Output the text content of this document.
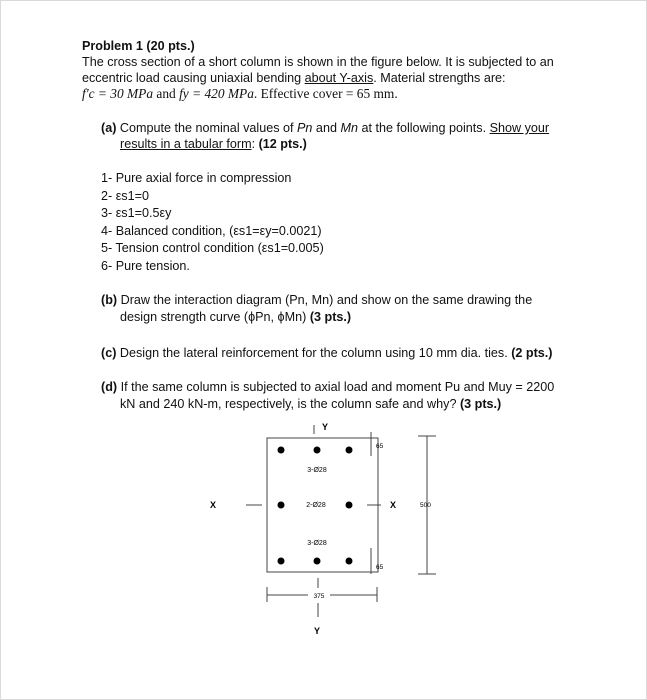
Problem 1 (20 pts.)
The cross section of a short column is shown in the figure below. It is subjected to an
eccentric load causing uniaxial bending about Y-axis. Material strengths are:
f'c = 30 MPa and fy = 420 MPa. Effective cover = 65 mm.
(a) Compute the nominal values of Pn and Mn at the following points. Show your
results in a tabular form: (12 pts.)
1- Pure axial force in compression
2- εs1=0
3- εs1=0.5εy
4- Balanced condition, (εs1=εy=0.0021)
5- Tension control condition (εs1=0.005)
6- Pure tension.
(b) Draw the interaction diagram (Pn, Mn) and show on the same drawing the
design strength curve (ϕPn, ϕMn) (3 pts.)
(c) Design the lateral reinforcement for the column using 10 mm dia. ties. (2 pts.)
(d) If the same column is subjected to axial load and moment Pu and Muy = 2200
kN and 240 kN-m, respectively, is the column safe and why? (3 pts.)
Y
Y
X	X
3-Ø28
2-Ø28
3-Ø28
65
65
500
375
